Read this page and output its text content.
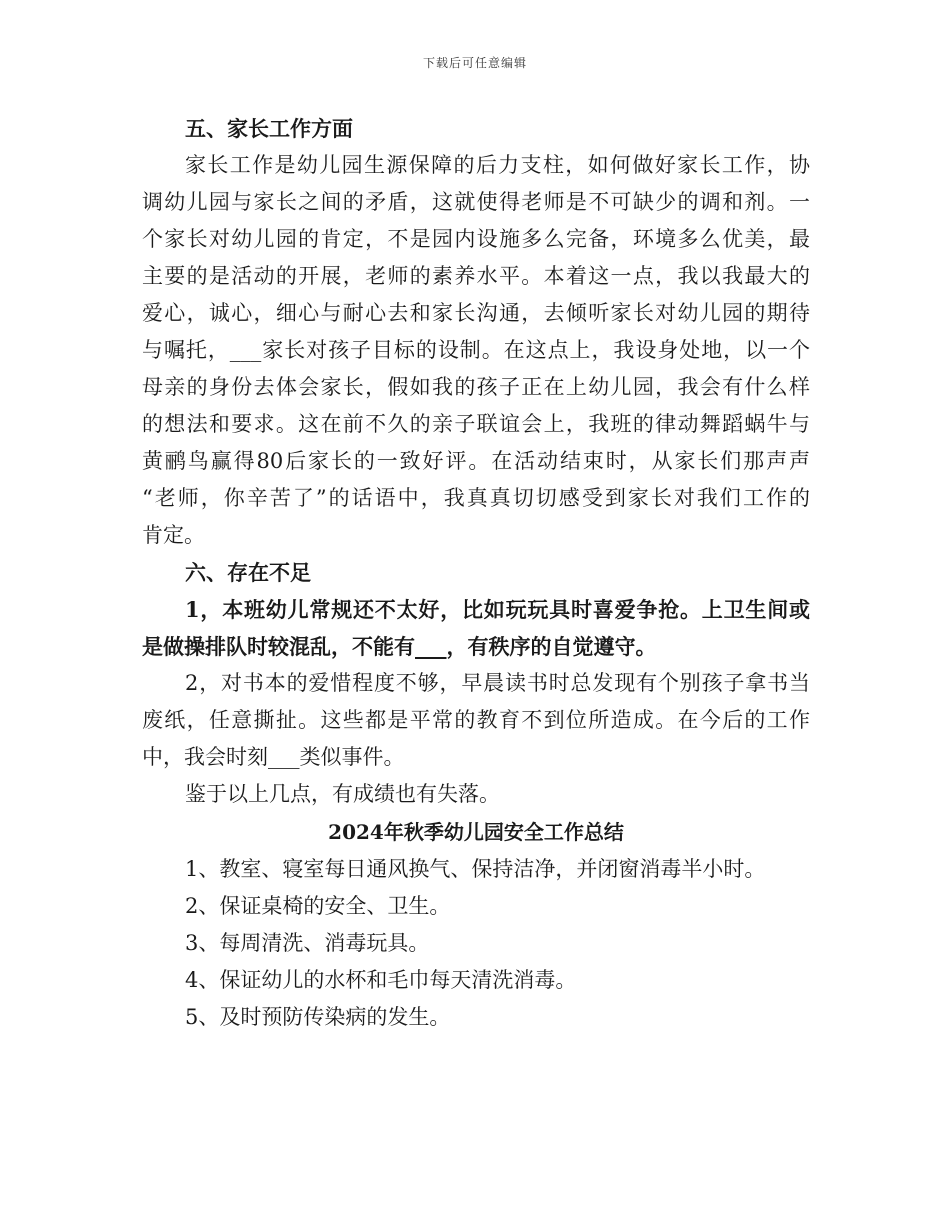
下载后可任意编辑

五、家长工作方面

家长工作是幼儿园生源保障的后力支柱，如何做好家长工作，协

调幼儿园与家长之间的矛盾，这就使得老师是不可缺少的调和剂。一

个家长对幼儿园的肯定，不是园内设施多么完备，环境多么优美，最

主要的是活动的开展，老师的素养水平。本着这一点，我以我最大的

爱心，诚心，细心与耐心去和家长沟通，去倾听家长对幼儿园的期待

与嘱托，___家长对孩子目标的设制。在这点上，我设身处地，以一个

母亲的身份去体会家长，假如我的孩子正在上幼儿园，我会有什么样

的想法和要求。这在前不久的亲子联谊会上，我班的律动舞蹈蜗牛与

黄鹂鸟赢得80后家长的一致好评。在活动结束时，从家长们那声声

“老师，你辛苦了”的话语中，我真真切切感受到家长对我们工作的

肯定。

六、存在不足

1，本班幼儿常规还不太好，比如玩玩具时喜爱争抢。上卫生间或

是做操排队时较混乱，不能有___，有秩序的自觉遵守。

2，对书本的爱惜程度不够，早晨读书时总发现有个别孩子拿书当

废纸，任意撕扯。这些都是平常的教育不到位所造成。在今后的工作

中，我会时刻___类似事件。

鉴于以上几点，有成绩也有失落。

2024年秋季幼儿园安全工作总结

1、教室、寝室每日通风换气、保持洁净，并闭窗消毒半小时。

2、保证桌椅的安全、卫生。

3、每周清洗、消毒玩具。

4、保证幼儿的水杯和毛巾每天清洗消毒。

5、及时预防传染病的发生。
